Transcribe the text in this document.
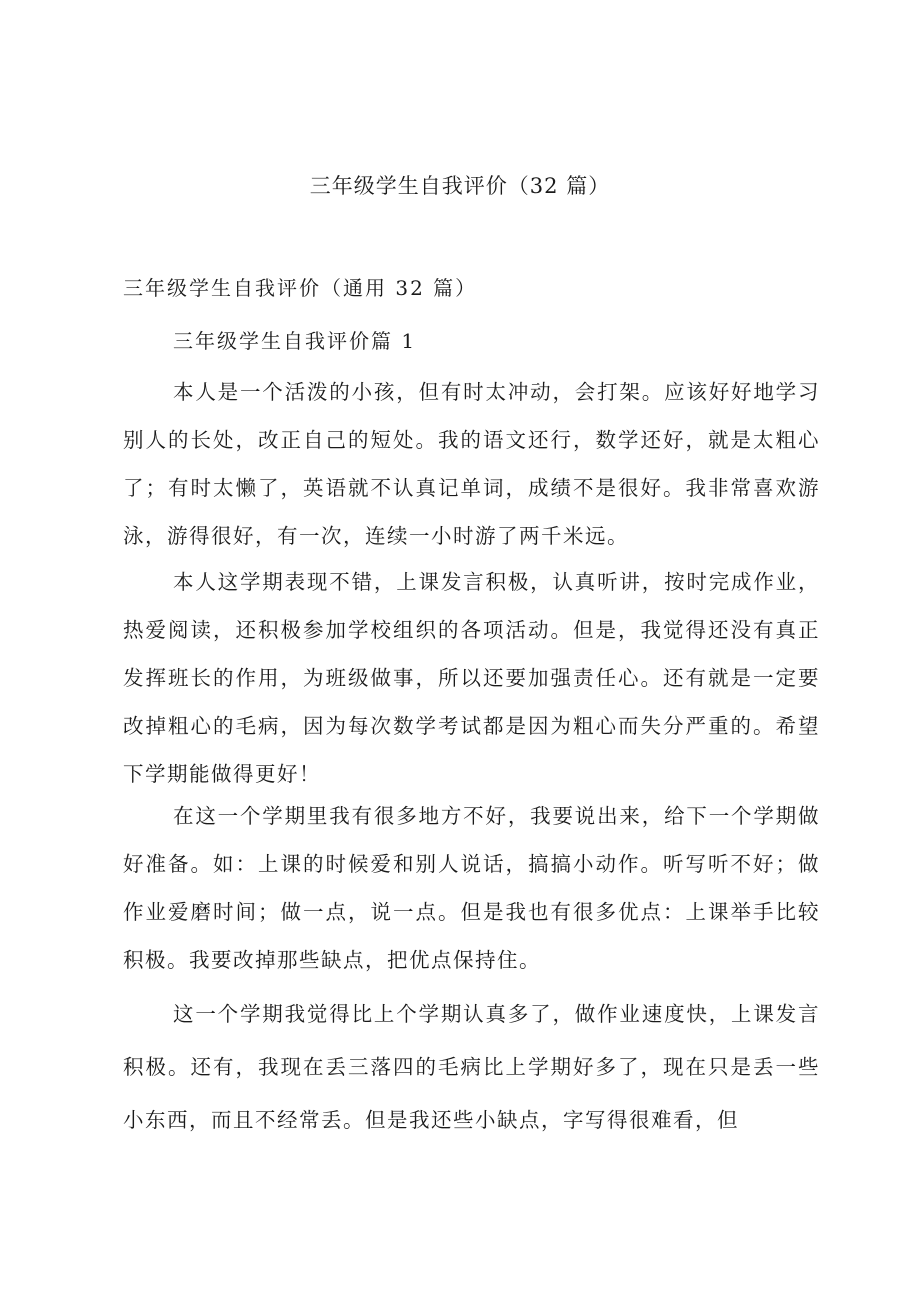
三年级学生自我评价（32 篇）

三年级学生自我评价（通用 32 篇）

三年级学生自我评价篇 1

本人是一个活泼的小孩，但有时太冲动，会打架。应该好好地学习别人的长处，改正自己的短处。我的语文还行，数学还好，就是太粗心了；有时太懒了，英语就不认真记单词，成绩不是很好。我非常喜欢游泳，游得很好，有一次，连续一小时游了两千米远。

本人这学期表现不错，上课发言积极，认真听讲，按时完成作业，热爱阅读，还积极参加学校组织的各项活动。但是，我觉得还没有真正发挥班长的作用，为班级做事，所以还要加强责任心。还有就是一定要改掉粗心的毛病，因为每次数学考试都是因为粗心而失分严重的。希望下学期能做得更好！

在这一个学期里我有很多地方不好，我要说出来，给下一个学期做好准备。如：上课的时候爱和别人说话，搞搞小动作。听写听不好；做作业爱磨时间；做一点，说一点。但是我也有很多优点：上课举手比较积极。我要改掉那些缺点，把优点保持住。

这一个学期我觉得比上个学期认真多了，做作业速度快，上课发言积极。还有，我现在丢三落四的毛病比上学期好多了，现在只是丢一些小东西，而且不经常丢。但是我还些小缺点，字写得很难看，但
